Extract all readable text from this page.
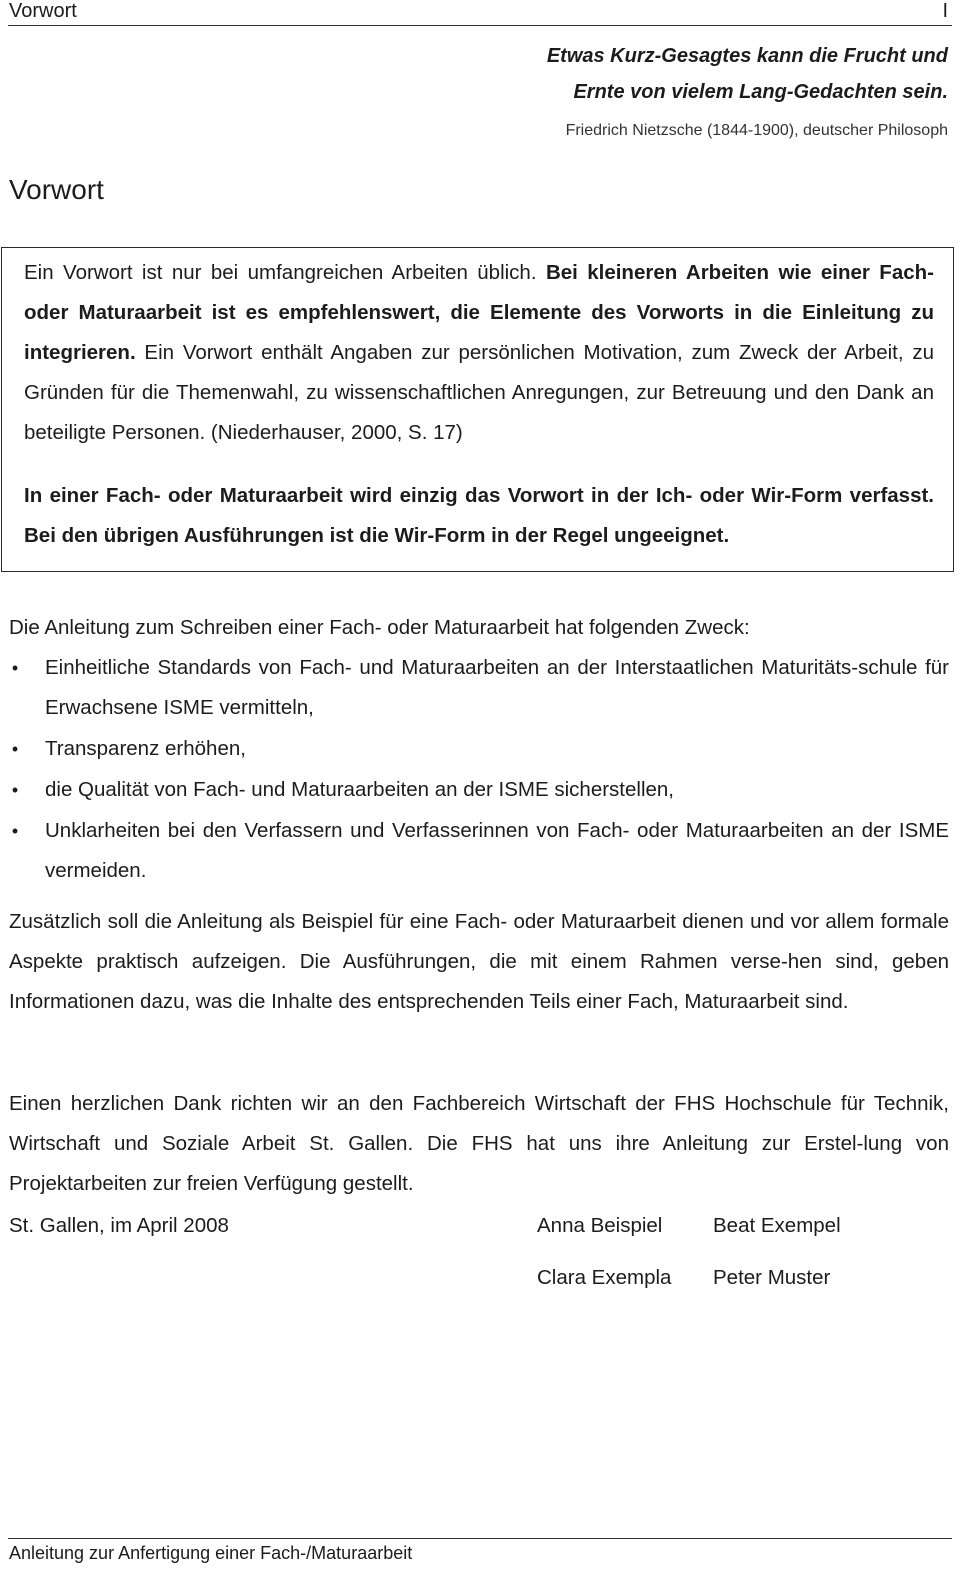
Vorwort	I
Etwas Kurz-Gesagtes kann die Frucht und
Ernte von vielem Lang-Gedachten sein.
Friedrich Nietzsche (1844-1900), deutscher Philosoph
Vorwort
Ein Vorwort ist nur bei umfangreichen Arbeiten üblich. Bei kleineren Arbeiten wie einer Fach- oder Maturaarbeit ist es empfehlenswert, die Elemente des Vorworts in die Einleitung zu integrieren. Ein Vorwort enthält Angaben zur persönlichen Motivation, zum Zweck der Arbeit, zu Gründen für die Themenwahl, zu wissenschaftlichen Anregungen, zur Betreuung und den Dank an beteiligte Personen. (Niederhauser, 2000, S. 17)
In einer Fach- oder Maturaarbeit wird einzig das Vorwort in der Ich- oder Wir-Form verfasst. Bei den übrigen Ausführungen ist die Wir-Form in der Regel ungeeignet.
Die Anleitung zum Schreiben einer Fach- oder Maturaarbeit hat folgenden Zweck:
• Einheitliche Standards von Fach- und Maturaarbeiten an der Interstaatlichen Maturitäts-schule für Erwachsene ISME vermitteln,
• Transparenz erhöhen,
• die Qualität von Fach- und Maturaarbeiten an der ISME sicherstellen,
• Unklarheiten bei den Verfassern und Verfasserinnen von Fach- oder Maturaarbeiten an der ISME vermeiden.
Zusätzlich soll die Anleitung als Beispiel für eine Fach- oder Maturaarbeit dienen und vor allem formale Aspekte praktisch aufzeigen. Die Ausführungen, die mit einem Rahmen verse-hen sind, geben Informationen dazu, was die Inhalte des entsprechenden Teils einer Fach, Maturaarbeit sind.
Einen herzlichen Dank richten wir an den Fachbereich Wirtschaft der FHS Hochschule für Technik, Wirtschaft und Soziale Arbeit St. Gallen. Die FHS hat uns ihre Anleitung zur Erstel-lung von Projektarbeiten zur freien Verfügung gestellt.
St. Gallen, im April 2008	Anna Beispiel Beat Exempel
Clara Exempla Peter Muster
Anleitung zur Anfertigung einer Fach-/Maturaarbeit
